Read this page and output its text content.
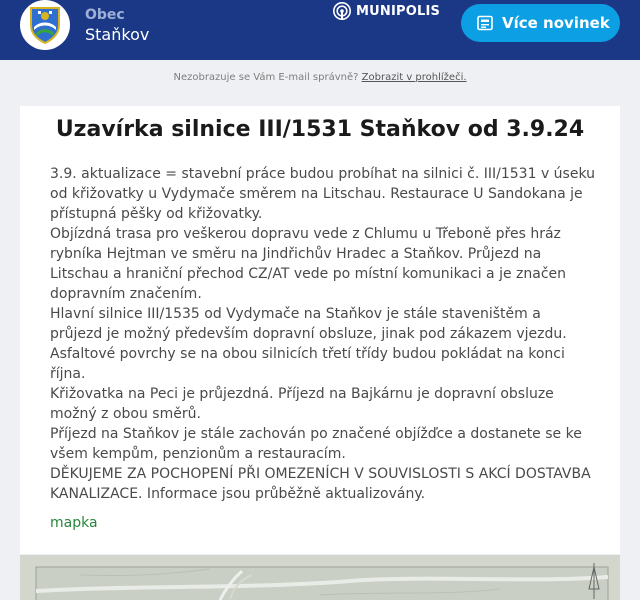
Obec
Staňkov
MUNIPOLIS
Více novinek
Nezobrazuje se Vám E-mail správně? Zobrazit v prohlížeči.
Uzavírka silnice III/1531 Staňkov od 3.9.24

3.9. aktualizace = stavební práce budou probíhat na silnici č. III/1531 v úseku od křižovatky u Vydymače směrem na Litschau. Restaurace U Sandokana je přístupná pěšky od křižovatky.

Objízdná trasa pro veškerou dopravu vede z Chlumu u Třeboně přes hráz rybníka Hejtman ve směru na Jindřichův Hradec a Staňkov. Průjezd na Litschau a hraniční přechod CZ/AT vede po místní komunikaci a je značen dopravním značením.

Hlavní silnice III/1535 od Vydymače na Staňkov je stále staveništěm a průjezd je možný především dopravní obsluze, jinak pod zákazem vjezdu.

Asfaltové povrchy se na obou silnicích třetí třídy budou pokládat na konci října.

Křižovatka na Peci je průjezdná. Příjezd na Bajkárnu je dopravní obsluze možný z obou směrů.

Příjezd na Staňkov je stále zachován po značené objížďce a dostanete se ke všem kempům, penzionům a restauracím.

DĚKUJEME ZA POCHOPENÍ PŘI OMEZENÍCH V SOUVISLOSTI S AKCÍ DOSTAVBA KANALIZACE. Informace jsou průběžně aktualizovány.

mapka
